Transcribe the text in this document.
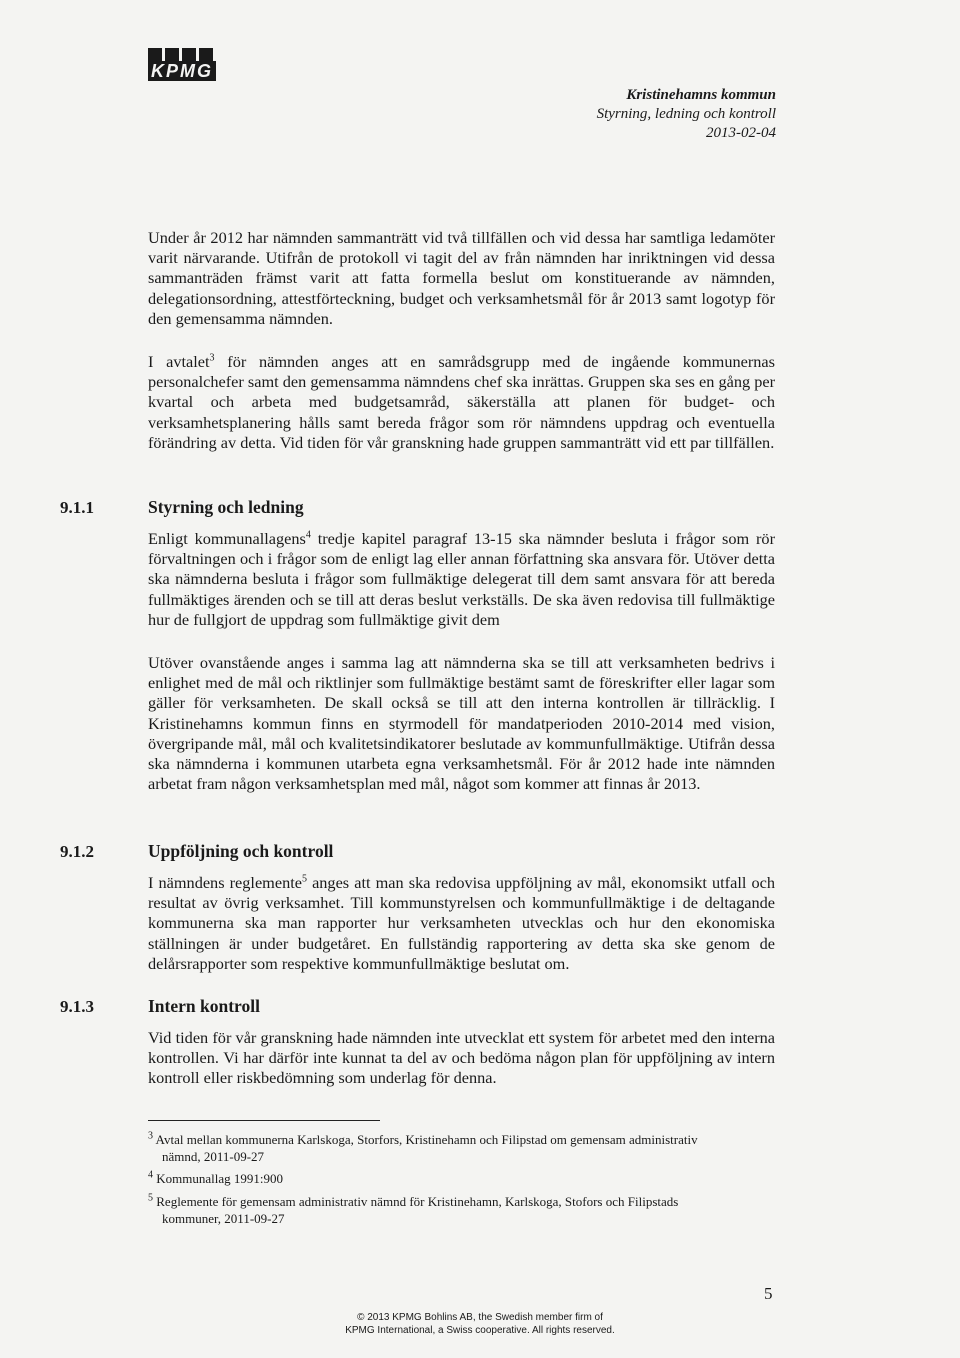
KPMG
Kristinehamns kommun
Styrning, ledning och kontroll
2013-02-04

Under år 2012 har nämnden sammanträtt vid två tillfällen och vid dessa har samtliga ledamöter varit närvarande. Utifrån de protokoll vi tagit del av från nämnden har inriktningen vid dessa sammanträden främst varit att fatta formella beslut om konstituerande av nämnden, delegationsordning, attestförteckning, budget och verksamhetsmål för år 2013 samt logotyp för den gemensamma nämnden.

I avtalet$^3$ för nämnden anges att en samrådsgrupp med de ingående kommunernas personalchefer samt den gemensamma nämndens chef ska inrättas. Gruppen ska ses en gång per kvartal och arbeta med budgetsamråd, säkerställa att planen för budget- och verksamhetsplanering hålls samt bereda frågor som rör nämndens uppdrag och eventuella förändring av detta. Vid tiden för vår granskning hade gruppen sammanträtt vid ett par tillfällen.

9.1.1	Styrning och ledning

Enligt kommunallagens$^4$ tredje kapitel paragraf 13-15 ska nämnder besluta i frågor som rör förvaltningen och i frågor som de enligt lag eller annan författning ska ansvara för. Utöver detta ska nämnderna besluta i frågor som fullmäktige delegerat till dem samt ansvara för att bereda fullmäktiges ärenden och se till att deras beslut verkställs. De ska även redovisa till fullmäktige hur de fullgjort de uppdrag som fullmäktige givit dem

Utöver ovanstående anges i samma lag att nämnderna ska se till att verksamheten bedrivs i enlighet med de mål och riktlinjer som fullmäktige bestämt samt de föreskrifter eller lagar som gäller för verksamheten. De skall också se till att den interna kontrollen är tillräcklig. I Kristinehamns kommun finns en styrmodell för mandatperioden 2010-2014 med vision, övergripande mål, mål och kvalitetsindikatorer beslutade av kommunfullmäktige. Utifrån dessa ska nämnderna i kommunen utarbeta egna verksamhetsmål. För år 2012 hade inte nämnden arbetat fram någon verksamhetsplan med mål, något som kommer att finnas år 2013.

9.1.2	Uppföljning och kontroll

I nämndens reglemente$^5$ anges att man ska redovisa uppföljning av mål, ekonomsikt utfall och resultat av övrig verksamhet. Till kommunstyrelsen och kommunfullmäktige i de deltagande kommunerna ska man rapporter hur verksamheten utvecklas och hur den ekonomiska ställningen är under budgetåret. En fullständig rapportering av detta ska ske genom de delårsrapporter som respektive kommunfullmäktige beslutat om.

9.1.3	Intern kontroll

Vid tiden för vår granskning hade nämnden inte utvecklat ett system för arbetet med den interna kontrollen. Vi har därför inte kunnat ta del av och bedöma någon plan för uppföljning av intern kontroll eller riskbedömning som underlag för denna.

$^3$ Avtal mellan kommunerna Karlskoga, Storfors, Kristinehamn och Filipstad om gemensam administrativ
nämnd, 2011-09-27
$^4$ Kommunallag 1991:900
$^5$ Reglemente för gemensam administrativ nämnd för Kristinehamn, Karlskoga, Stofors och Filipstads
kommuner, 2011-09-27
5
© 2013 KPMG Bohlins AB, the Swedish member firm of
KPMG International, a Swiss cooperative. All rights reserved.
